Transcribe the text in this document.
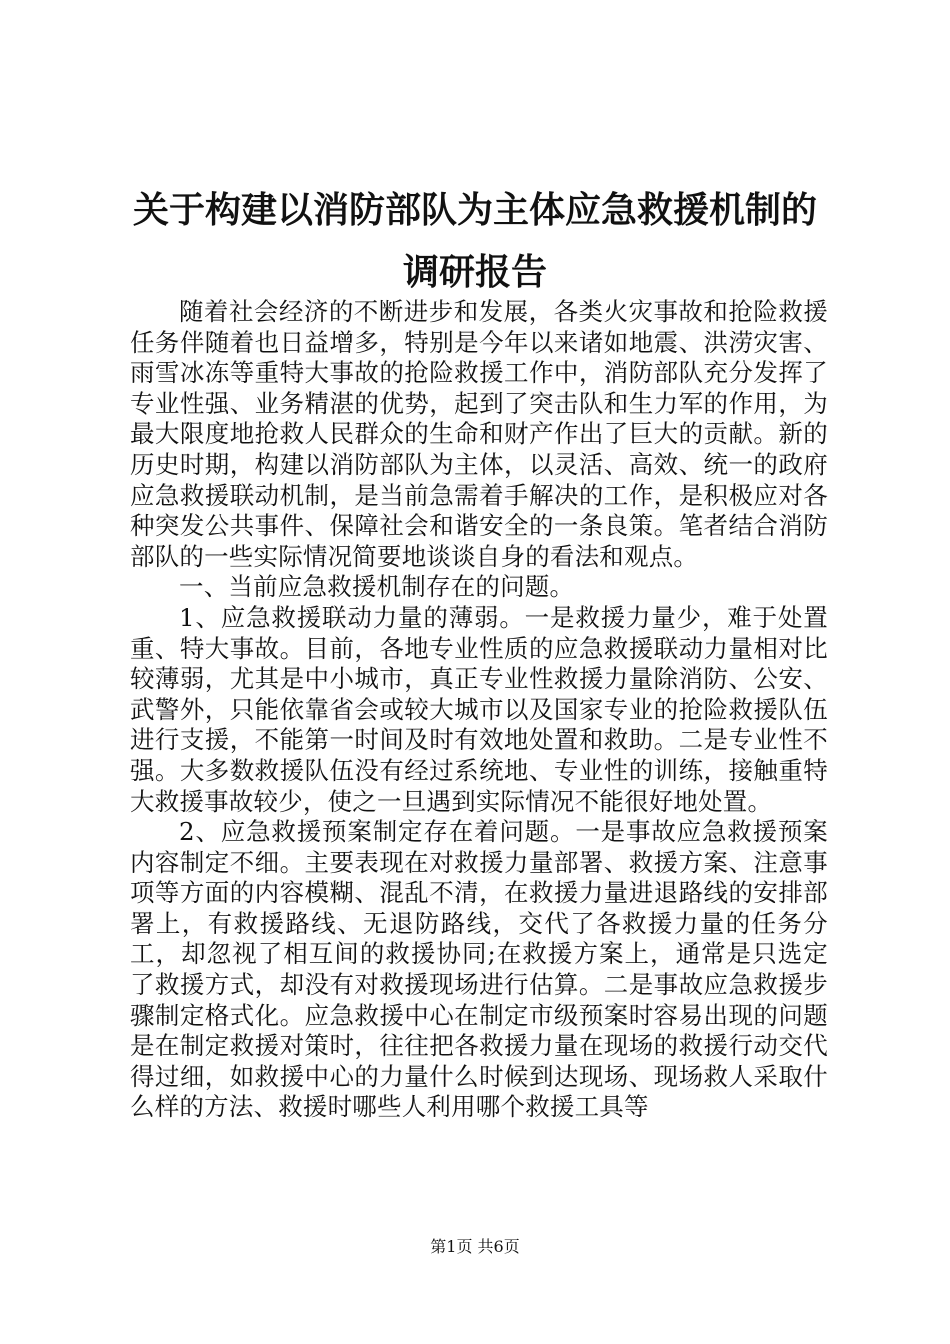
关于构建以消防部队为主体应急救援机制的调研报告

随着社会经济的不断进步和发展，各类火灾事故和抢险救援任务伴随着也日益增多，特别是今年以来诸如地震、洪涝灾害、雨雪冰冻等重特大事故的抢险救援工作中，消防部队充分发挥了专业性强、业务精湛的优势，起到了突击队和生力军的作用，为最大限度地抢救人民群众的生命和财产作出了巨大的贡献。新的历史时期，构建以消防部队为主体，以灵活、高效、统一的政府应急救援联动机制，是当前急需着手解决的工作，是积极应对各种突发公共事件、保障社会和谐安全的一条良策。笔者结合消防部队的一些实际情况简要地谈谈自身的看法和观点。

一、当前应急救援机制存在的问题。

1、应急救援联动力量的薄弱。一是救援力量少，难于处置重、特大事故。目前，各地专业性质的应急救援联动力量相对比较薄弱，尤其是中小城市，真正专业性救援力量除消防、公安、武警外，只能依靠省会或较大城市以及国家专业的抢险救援队伍进行支援，不能第一时间及时有效地处置和救助。二是专业性不强。大多数救援队伍没有经过系统地、专业性的训练，接触重特大救援事故较少，使之一旦遇到实际情况不能很好地处置。

2、应急救援预案制定存在着问题。一是事故应急救援预案内容制定不细。主要表现在对救援力量部署、救援方案、注意事项等方面的内容模糊、混乱不清，在救援力量进退路线的安排部署上，有救援路线、无退防路线，交代了各救援力量的任务分工，却忽视了相互间的救援协同;在救援方案上，通常是只选定了救援方式，却没有对救援现场进行估算。二是事故应急救援步骤制定格式化。应急救援中心在制定市级预案时容易出现的问题是在制定救援对策时，往往把各救援力量在现场的救援行动交代得过细，如救援中心的力量什么时候到达现场、现场救人采取什么样的方法、救援时哪些人利用哪个救援工具等

第1页 共6页
